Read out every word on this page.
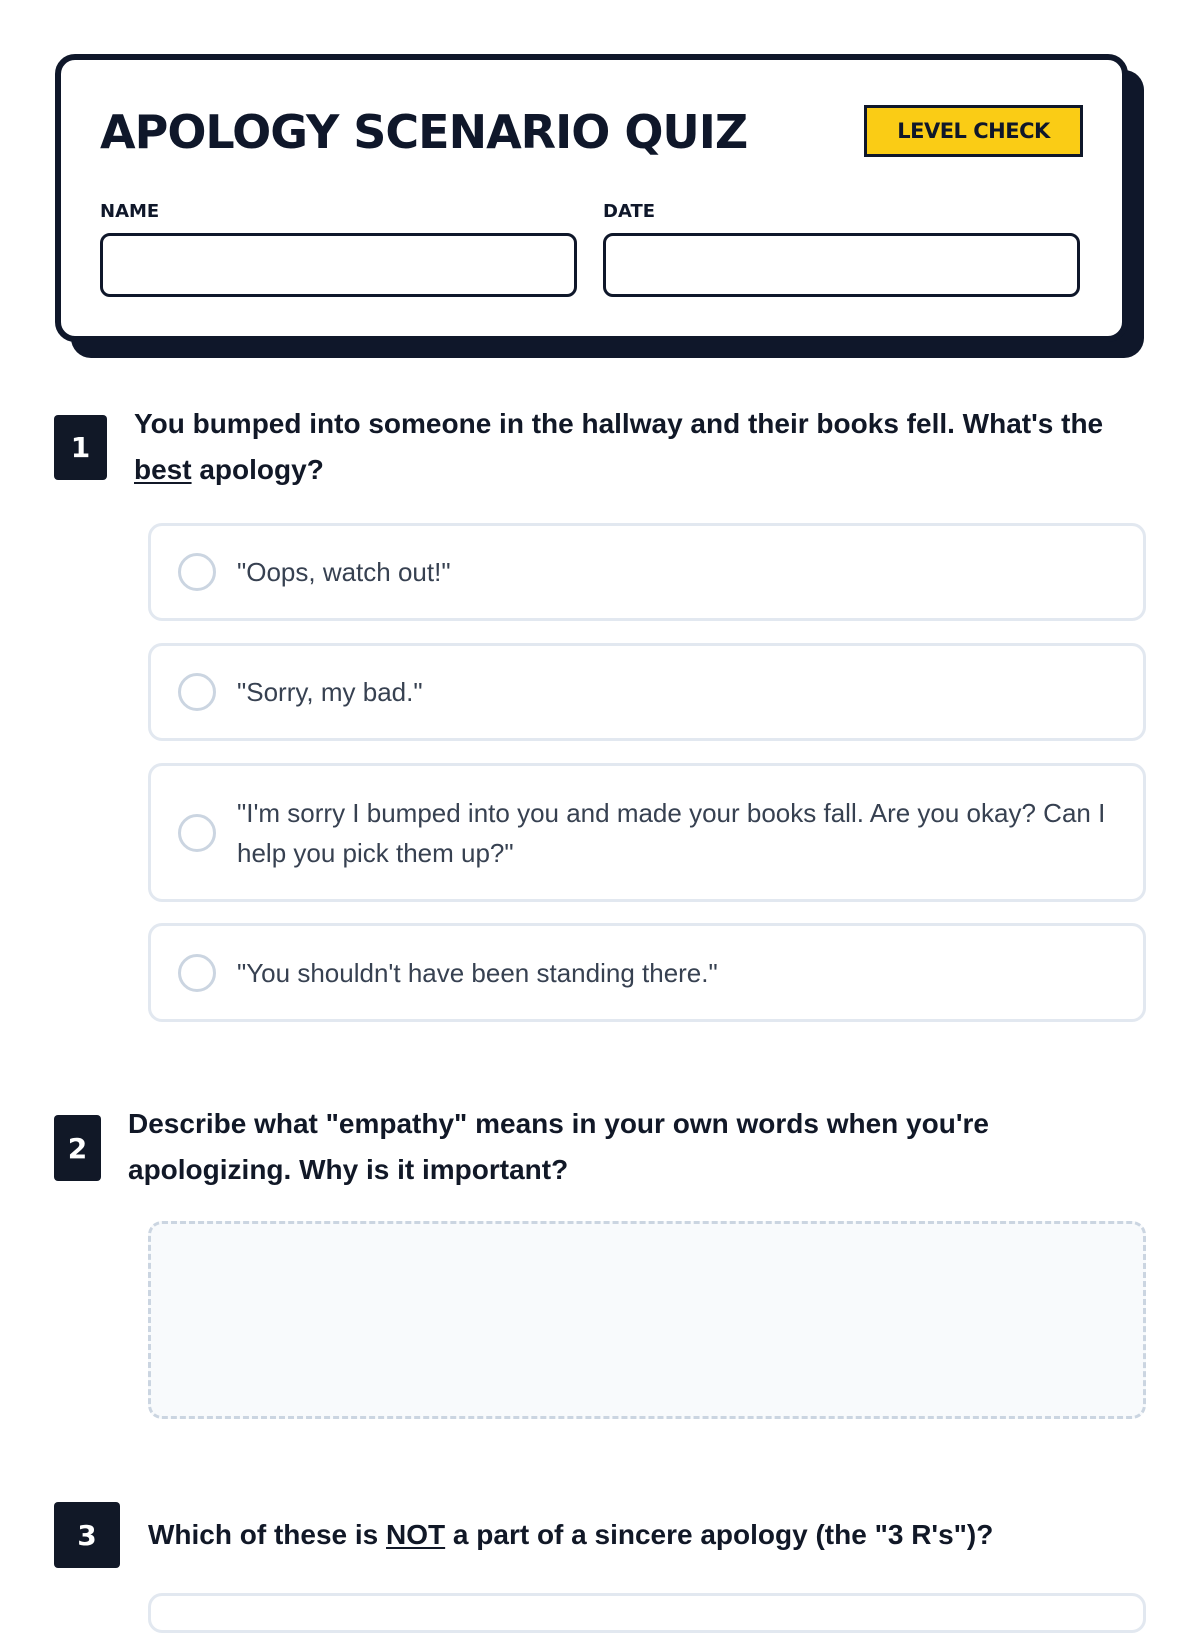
APOLOGY SCENARIO QUIZ	LEVEL CHECK
NAME	DATE
1

You bumped into someone in the hallway and their books fell. What's the best apology?

"Oops, watch out!"
"Sorry, my bad."
"I'm sorry I bumped into you and made your books fall. Are you okay? Can I help you pick them up?"
"You shouldn't have been standing there."
2

Describe what "empathy" means in your own words when you're apologizing. Why is it important?

3	Which of these is NOT a part of a sincere apology (the "3 R's")?
